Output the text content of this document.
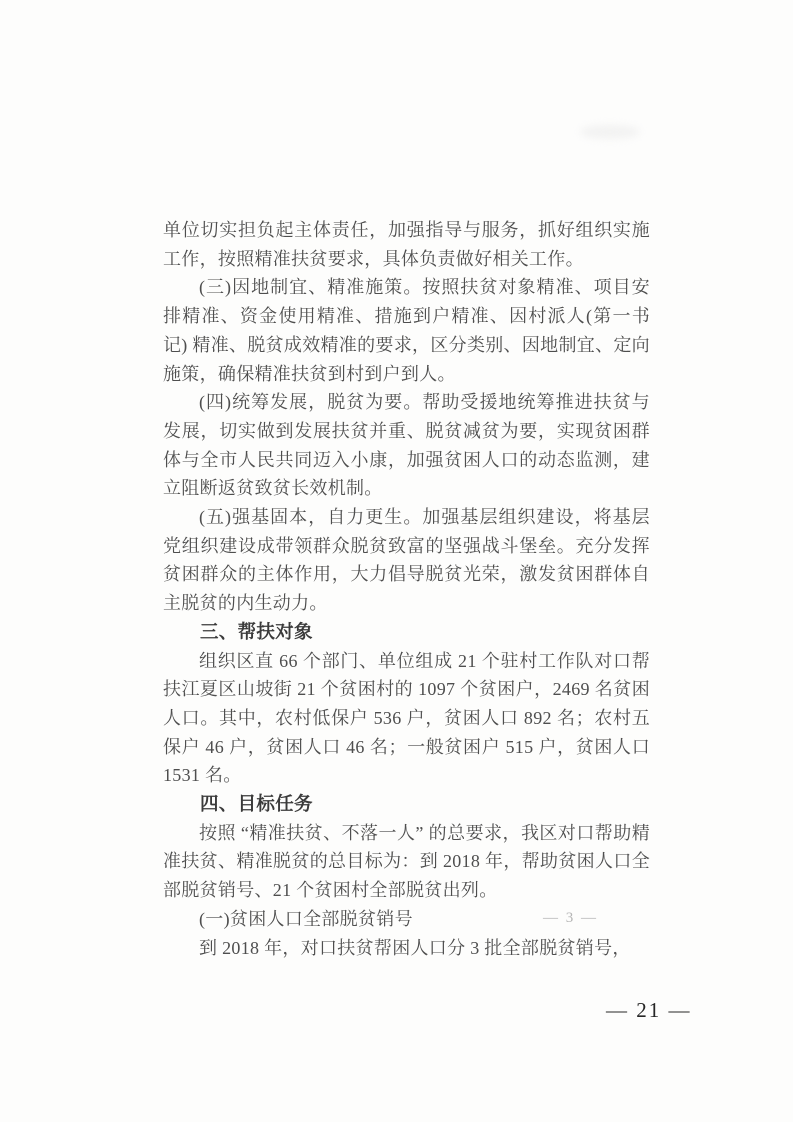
单位切实担负起主体责任，加强指导与服务，抓好组织实施工作，按照精准扶贫要求，具体负责做好相关工作。

(三)因地制宜、精准施策。按照扶贫对象精准、项目安排精准、资金使用精准、措施到户精准、因村派人(第一书记) 精准、脱贫成效精准的要求，区分类别、因地制宜、定向施策，确保精准扶贫到村到户到人。

(四)统筹发展，脱贫为要。帮助受援地统筹推进扶贫与发展，切实做到发展扶贫并重、脱贫减贫为要，实现贫困群体与全市人民共同迈入小康，加强贫困人口的动态监测，建立阻断返贫致贫长效机制。

(五)强基固本，自力更生。加强基层组织建设，将基层党组织建设成带领群众脱贫致富的坚强战斗堡垒。充分发挥贫困群众的主体作用，大力倡导脱贫光荣，激发贫困群体自主脱贫的内生动力。

三、帮扶对象

组织区直 66 个部门、单位组成 21 个驻村工作队对口帮扶江夏区山坡街 21 个贫困村的 1097 个贫困户，2469 名贫困人口。其中，农村低保户 536 户，贫困人口 892 名；农村五保户 46 户，贫困人口 46 名；一般贫困户 515 户，贫困人口 1531 名。

四、目标任务

按照 “精准扶贫、不落一人” 的总要求，我区对口帮助精准扶贫、精准脱贫的总目标为：到 2018 年，帮助贫困人口全部脱贫销号、21 个贫困村全部脱贫出列。

(一)贫困人口全部脱贫销号

到 2018 年，对口扶贫帮困人口分 3 批全部脱贫销号，

— 3 —
— 21 —
